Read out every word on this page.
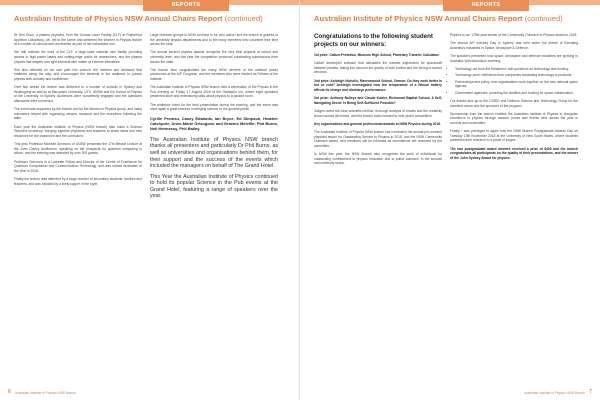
REPORTS
Australian Institute of Physics NSW Annual Chairs Report (continued)

Dr Geri Boon, a plasma physicist, from the Central Laser Facility (CLF) at Rutherford Appleton Laboratory, UK, fell to the scene and delivered the Women in Physics lecture at a number of schools and universities as part of her nationwide tour.

Her talk outlined the work of the CLF, a large-scale national user facility providing access to high-power lasers and cutting-edge optics for researchers, and the plasma physics that shapes how light interacts with matter at extreme intensities.

She also reflected on her own path into science, the mentors and decisions that mattered along the way, and encouraged the students in the audience to pursue physics with curiosity and confidence.

Over two weeks the lecture was delivered to a number of schools in Sydney and Wollongong as well as at Macquarie University, UTS, UNSW and the School of Physics at the University of Sydney. Audiences were wonderfully engaged and the questions afterwards were numerous.

The event was supported by the branch and by the Women in Physics group, and many volunteers helped with organising venues, transport and the receptions following the talks.

Each year the Australian Institute of Physics (NSW branch) also holds a Science Teachers workshop, bringing together physicists and teachers to share ideas and new resources for the classroom and the curriculum.

This year Professor Michelle Simmons of UNSW presented the 17th Messel Lecture at the John Clancy Auditorium, speaking on the prospects for quantum computing in silicon, and the evening was attended by over 300 guests.

Professor Simmons is a Laureate Fellow and Director of the Centre of Excellence for Quantum Computation and Communication Technology, and was named Australian of the Year in 2018.

Finally the lecture was attended by a large number of secondary students, families and teachers, and was followed by a lively supper in the foyer.

Large research groups in NSW continue to be very active, and the branch is grateful to the university physics departments and to the many members who volunteer their time across the year.

The annual student physics awards recognise the very best projects at school and university level, and this year the competition produced outstanding submissions from across the state.

The branch also congratulates the many NSW winners of the national prizes announced at the AIP Congress, and the members who were elected as Fellows of the Institute.

The Australian Institute of Physics NSW branch held a celebration of the Physics in the Pub evening on Friday 17 August 2018 at the Harlequin Inn, where eight speakers presented short and entertaining talks about physics to a packed room.

The audience voted for the best presentation during the evening, and the event was once again a great success in bringing science to the general public.

Cyrille Promsu, Casey Edwards, Ian Bryce, Ed Simpson, Heather Catchpole, Anne-Marie Grisogono and Graeme Melville; Phil Burns, Neil Hennessy, Phil Bailey.

The Australian Institute of Physics NSW branch thanks all presenters and particularly Dr Phil Burns, as well as universities and organisations behind them, for their support and the success of the events which included the managers on behalf of The Grand Hotel.

This Year the Australian Institute of Physics continued to hold its popular Science in the Pub events at the Grand Hotel, featuring a range of speakers over the year.

6 Australian Institute of Physics NSW Branch
REPORTS
Australian Institute of Physics NSW Annual Chairs Report (continued)

Congratulations to the following student projects on our winners:

1st prize: Callum Pretorius, Museum High School, Planetary Transfer Calculator.

Callum developed software that calculates the transfer trajectories for spacecraft between planets, taking into account the gravity of both bodies and the timing of launch windows.

2nd prize: Ashleigh Nicholls, Ravenswood School, Demon: Do they work better in hot or cold? Ashleigh investigated how the temperature of a lithium battery affects its charge and discharge performance.

3rd prize: Anthony Bulleys and Claude Kobier, Richmond Baptist School, A Self-Navigating Drone: Is Being Self-Sufficient Possible?

Judges noted the clear scientific method, thorough analysis of results and the creativity shown across all entries, and the branch looks forward to next year's competition.

Key organisations and general professional awards in NSW Physics during 2018.

The Australian Institute of Physics NSW branch has nominated the annual pre-eminent physicist award for Outstanding Service to Physics in 2018, and the NSW Community Outreach award, and members will be informed as nominations are reviewed by the committee.

In NSW this year, the NSW Branch also recognises the work of individuals for outstanding contributions to physics education and to public outreach, in the schools and university sector.

Physics is our 175th year winner of the Community Outreach to Physics Award in 2018.

The annual AIP Industry Day in Sydney was held under the theme of Elevating Australia's Industries in Space, Aerospace & Defence.

The speakers presented how space, aerospace and defence industries are growing in Australia, with discussion covering:

• Technology out from the firmament, with questions on technology and funding;
• Technology push: reflections from companies translating technology to products;
• Partnerships and policy: how organisations work together on the new national space agenda;
• Government agencies: providing the facilities and funding for space collaboration.

Our thanks also go to the CSIRO and Defence Science and Technology Group for the excellent venue and the sponsors of the program.

Sponsorship from the branch enables the Australian Institute of Physics to recognise excellence in physics through awards, prizes and events held across the year in schools and universities.

Finally, I was privileged to again host the NSW Branch Postgraduate Awards Day on Tuesday 13th November 2018 at the University of New South Wales, where students presented their research to a panel of judges.

The two postgraduate award winners received a prize of $400 and the branch congratulates all participants on the quality of their presentations, and the winner of the John Sydney Award for physics.

Australian Institute of Physics NSW Branch 7
